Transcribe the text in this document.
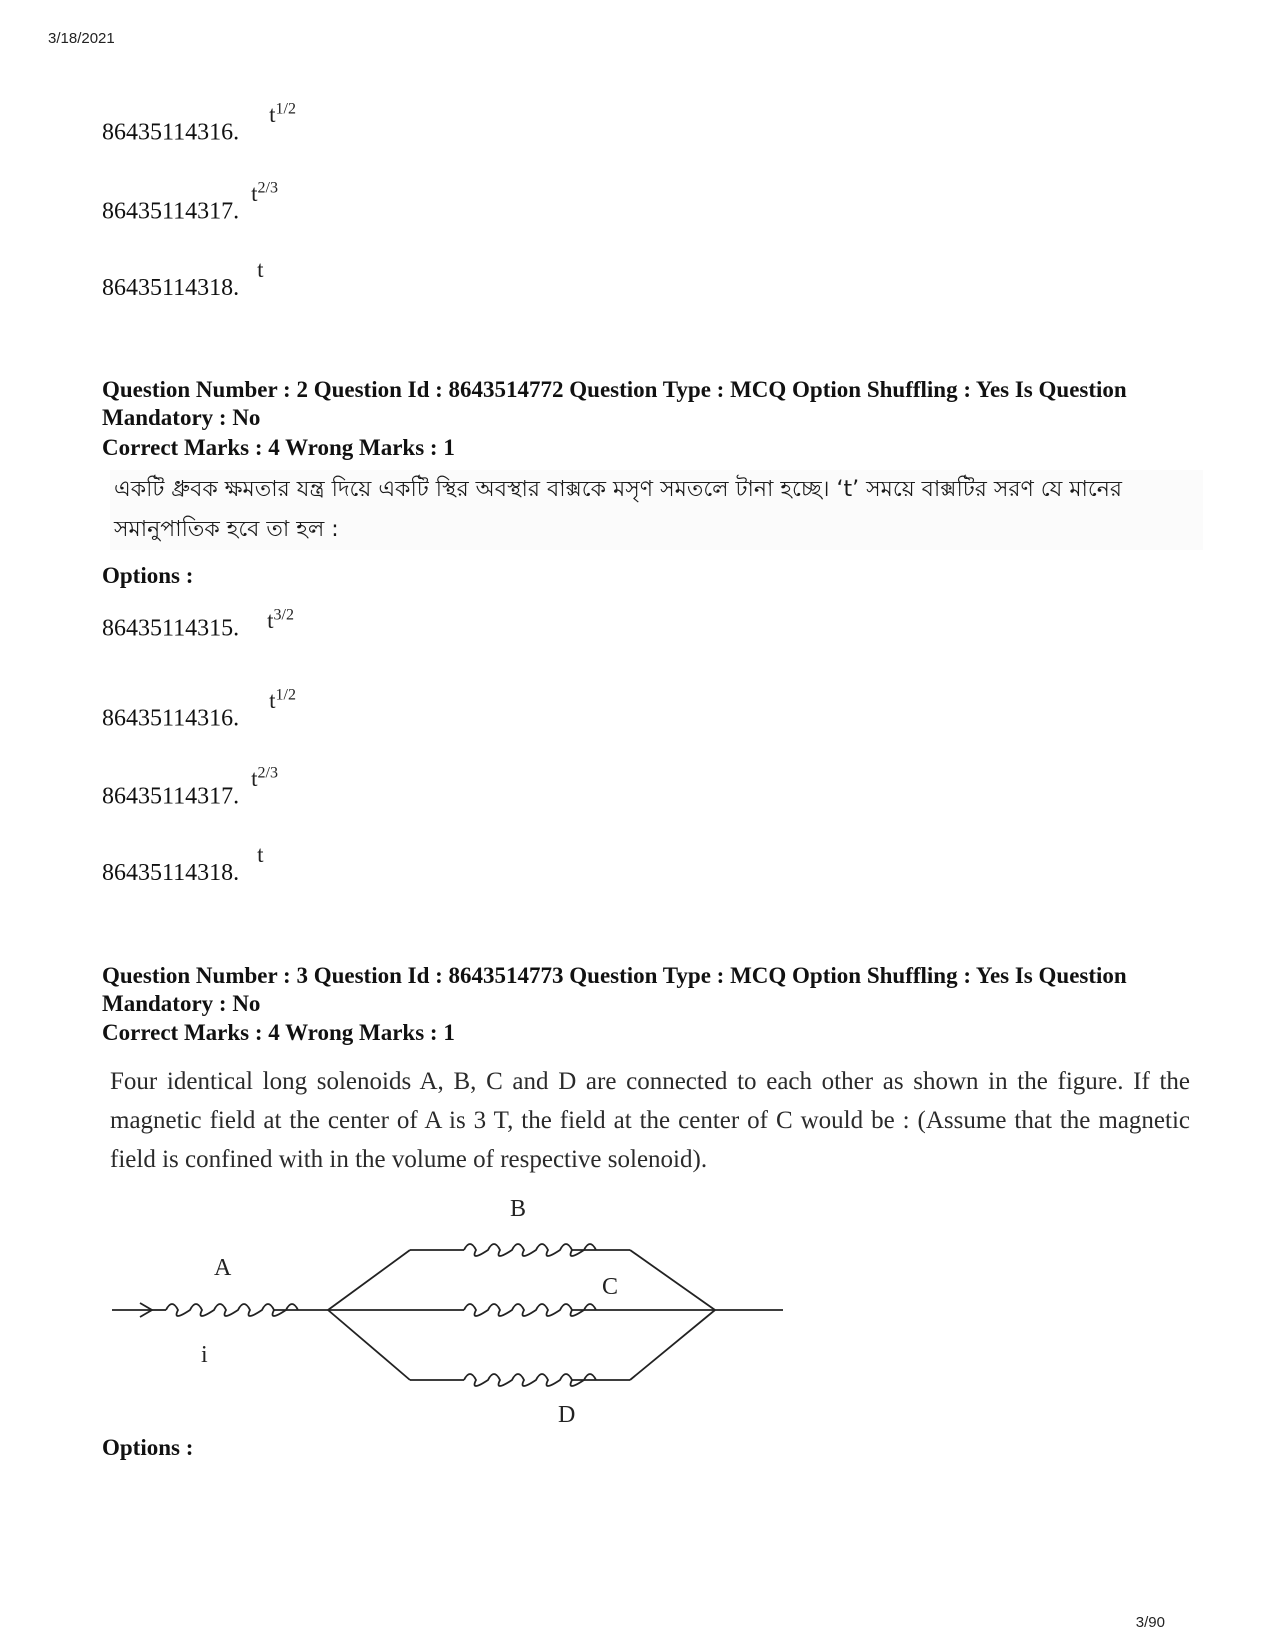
3/18/2021
86435114316. $t^{1/2}$
86435114317. $t^{2/3}$
86435114318. t
Question Number : 2 Question Id : 8643514772 Question Type : MCQ Option Shuffling : Yes Is Question Mandatory : No
Correct Marks : 4 Wrong Marks : 1
একটি ধ্রুবক ক্ষমতার যন্ত্র দিয়ে একটি স্থির অবস্থার বাক্সকে মসৃণ সমতলে টানা হচ্ছে। ‘t’ সময়ে বাক্সটির সরণ যে মানের
সমানুপাতিক হবে তা হল :
Options :
86435114315. $t^{3/2}$
86435114316. $t^{1/2}$
86435114317. $t^{2/3}$
86435114318. t
Question Number : 3 Question Id : 8643514773 Question Type : MCQ Option Shuffling : Yes Is Question Mandatory : No
Correct Marks : 4 Wrong Marks : 1
Four identical long solenoids A, B, C and D are connected to each other as shown in the figure. If the magnetic field at the center of A is 3 T, the field at the center of C would be : (Assume that the magnetic field is confined with in the volume of respective solenoid).
A
B
C
D
i
Options :
3/90
